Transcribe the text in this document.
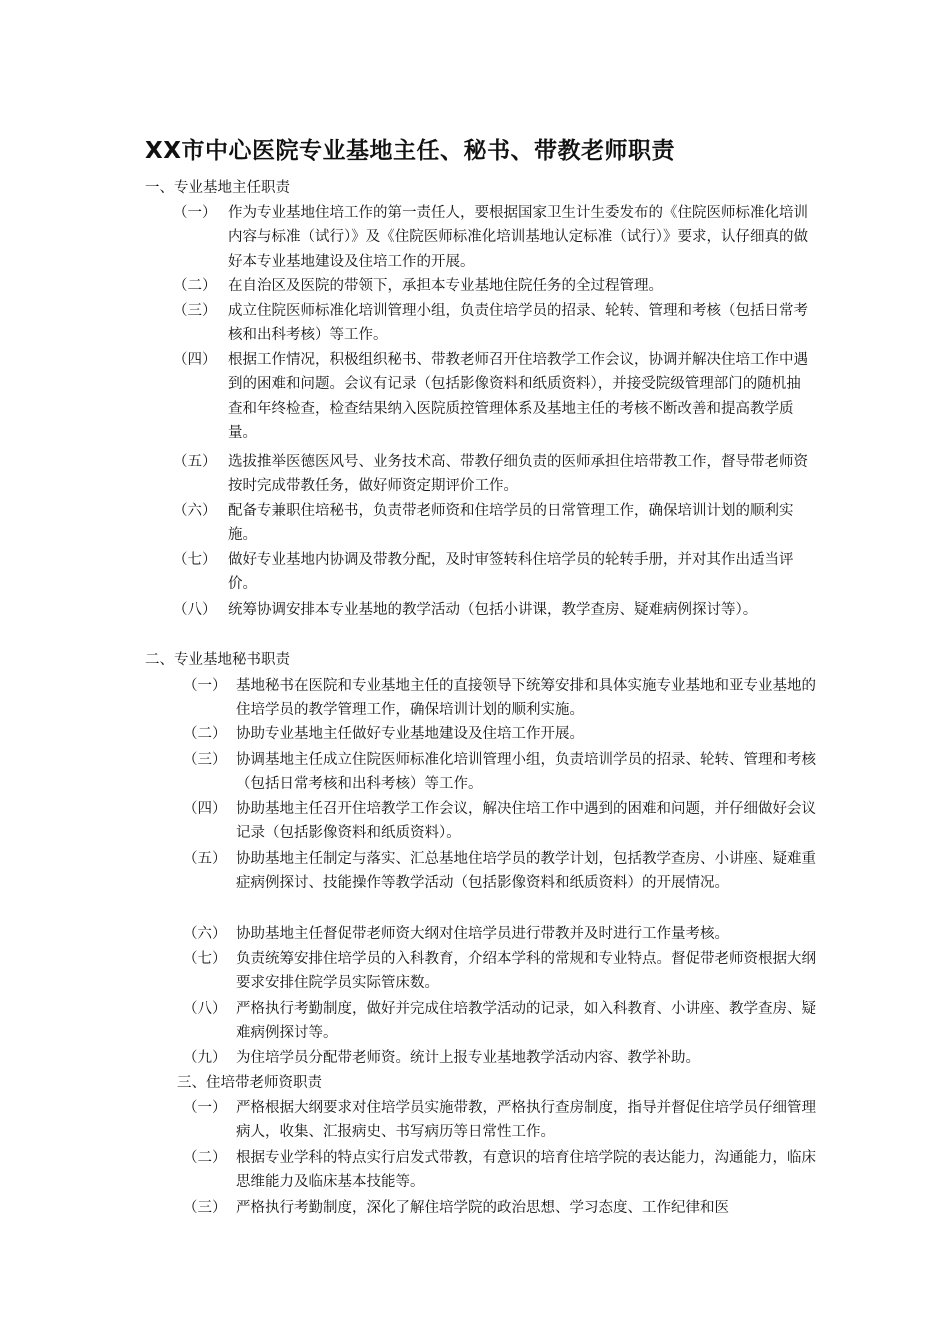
XX市中心医院专业基地主任、秘书、带教老师职责
一、专业基地主任职责
（一） 作为专业基地住培工作的第一责任人，要根据国家卫生计生委发布的《住院医师标准化培训内容与标准（试行）》及《住院医师标准化培训基地认定标准（试行）》要求，认仔细真的做好本专业基地建设及住培工作的开展。
（二） 在自治区及医院的带领下，承担本专业基地住院任务的全过程管理。
（三） 成立住院医师标准化培训管理小组，负责住培学员的招录、轮转、管理和考核（包括日常考核和出科考核）等工作。
（四） 根据工作情况，积极组织秘书、带教老师召开住培教学工作会议，协调并解决住培工作中遇到的困难和问题。会议有记录（包括影像资料和纸质资料），并接受院级管理部门的随机抽查和年终检查，检查结果纳入医院质控管理体系及基地主任的考核不断改善和提高教学质量。
（五） 选拔推举医德医风号、业务技术高、带教仔细负责的医师承担住培带教工作，督导带老师资按时完成带教任务，做好师资定期评价工作。
（六） 配备专兼职住培秘书，负责带老师资和住培学员的日常管理工作，确保培训计划的顺利实施。
（七） 做好专业基地内协调及带教分配，及时审签转科住培学员的轮转手册，并对其作出适当评价。
（八） 统筹协调安排本专业基地的教学活动（包括小讲课，教学查房、疑难病例探讨等）。
二、专业基地秘书职责
（一） 基地秘书在医院和专业基地主任的直接领导下统筹安排和具体实施专业基地和亚专业基地的住培学员的教学管理工作，确保培训计划的顺利实施。
（二） 协助专业基地主任做好专业基地建设及住培工作开展。
（三） 协调基地主任成立住院医师标准化培训管理小组，负责培训学员的招录、轮转、管理和考核（包括日常考核和出科考核）等工作。
（四） 协助基地主任召开住培教学工作会议，解决住培工作中遇到的困难和问题，并仔细做好会议记录（包括影像资料和纸质资料）。
（五） 协助基地主任制定与落实、汇总基地住培学员的教学计划，包括教学查房、小讲座、疑难重症病例探讨、技能操作等教学活动（包括影像资料和纸质资料）的开展情况。
（六） 协助基地主任督促带老师资大纲对住培学员进行带教并及时进行工作量考核。
（七） 负责统筹安排住培学员的入科教育，介绍本学科的常规和专业特点。督促带老师资根据大纲要求安排住院学员实际管床数。
（八） 严格执行考勤制度，做好并完成住培教学活动的记录，如入科教育、小讲座、教学查房、疑难病例探讨等。
（九） 为住培学员分配带老师资。统计上报专业基地教学活动内容、教学补助。
三、住培带老师资职责
（一） 严格根据大纲要求对住培学员实施带教，严格执行查房制度，指导并督促住培学员仔细管理病人，收集、汇报病史、书写病历等日常性工作。
（二） 根据专业学科的特点实行启发式带教，有意识的培育住培学院的表达能力，沟通能力，临床思维能力及临床基本技能等。
（三） 严格执行考勤制度，深化了解住培学院的政治思想、学习态度、工作纪律和医
